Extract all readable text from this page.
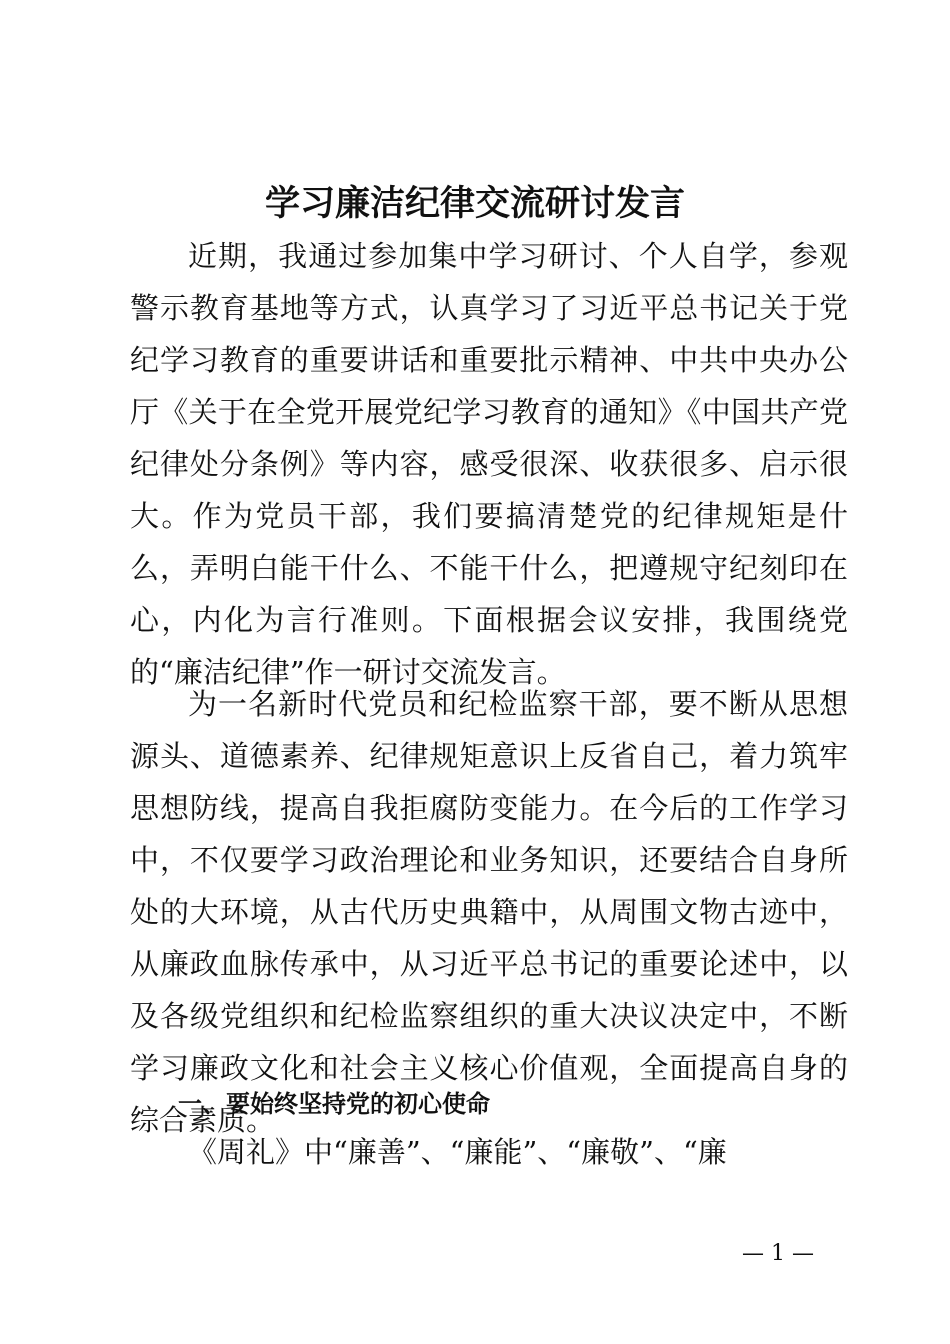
学习廉洁纪律交流研讨发言

近期，我通过参加集中学习研讨、个人自学，参观警示教育基地等方式，认真学习了习近平总书记关于党纪学习教育的重要讲话和重要批示精神、中共中央办公厅《关于在全党开展党纪学习教育的通知》《中国共产党纪律处分条例》等内容，感受很深、收获很多、启示很大。作为党员干部，我们要搞清楚党的纪律规矩是什么，弄明白能干什么、不能干什么，把遵规守纪刻印在心，内化为言行准则。下面根据会议安排，我围绕党的“廉洁纪律”作一研讨交流发言。

为一名新时代党员和纪检监察干部，要不断从思想源头、道德素养、纪律规矩意识上反省自己，着力筑牢思想防线，提高自我拒腐防变能力。在今后的工作学习中，不仅要学习政治理论和业务知识，还要结合自身所处的大环境，从古代历史典籍中，从周围文物古迹中，从廉政血脉传承中，从习近平总书记的重要论述中，以及各级党组织和纪检监察组织的重大决议决定中，不断学习廉政文化和社会主义核心价值观，全面提高自身的综合素质。

一、要始终坚持党的初心使命
《周礼》中“廉善”、“廉能”、“廉敬”、“廉
— 1 —
